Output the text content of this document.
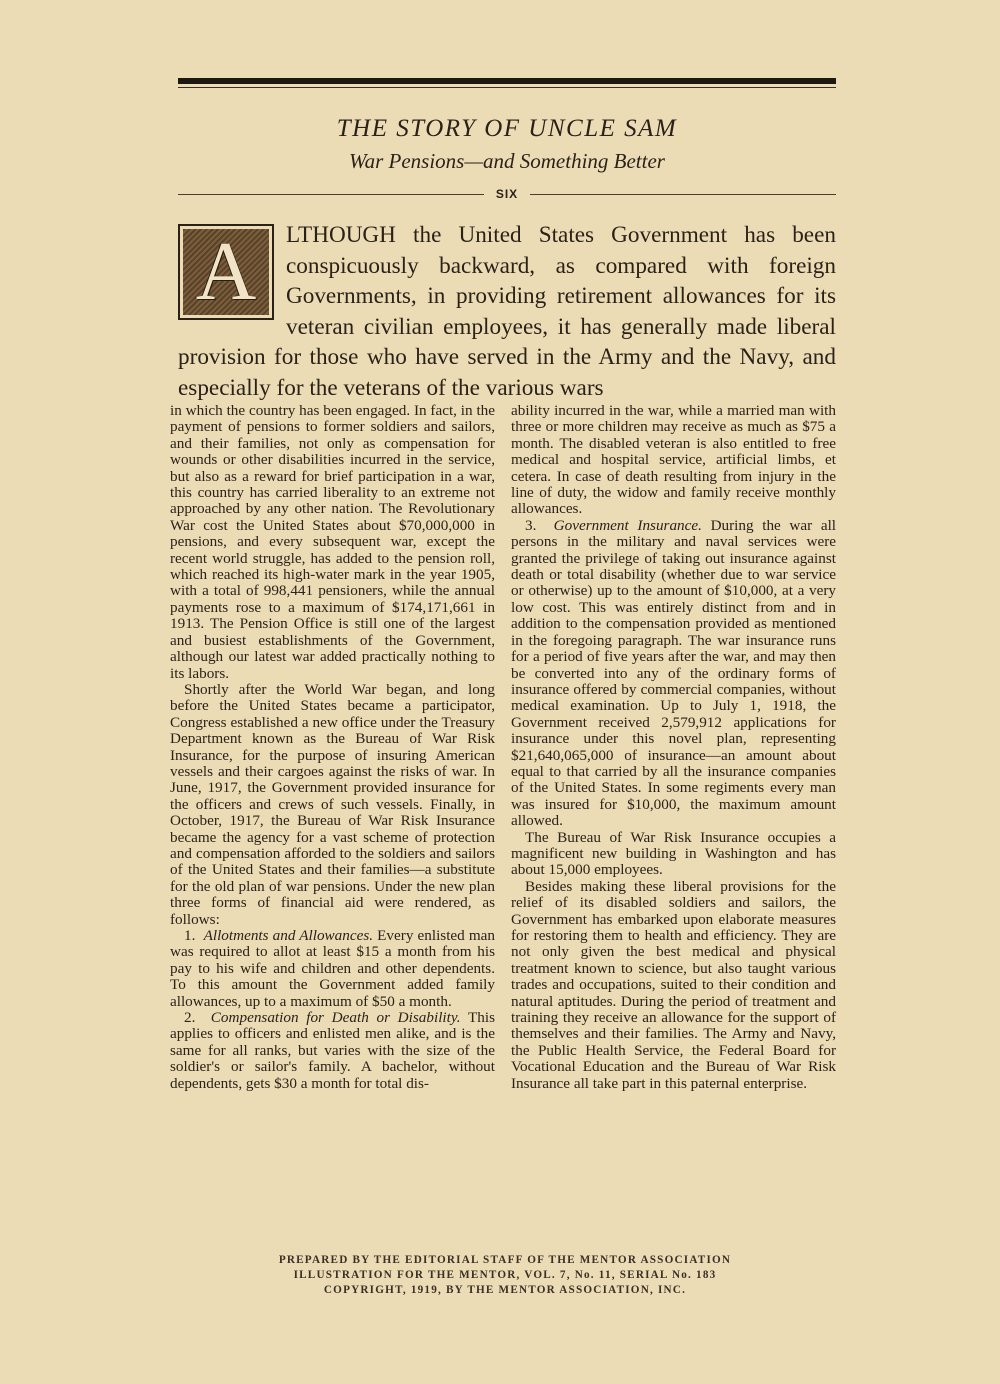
THE STORY OF UNCLE SAM
War Pensions—and Something Better
SIX
A	LTHOUGH the United States Government has been conspicuously backward, as compared with foreign Governments, in providing retirement allowances for its veteran civilian employees, it has generally made liberal provision for those who have served in the Army and the Navy, and especially for the veterans of the various wars

in which the country has been engaged. In fact, in the payment of pensions to former soldiers and sailors, and their families, not only as compensation for wounds or other disabilities incurred in the service, but also as a reward for brief participation in a war, this country has carried liberality to an extreme not approached by any other nation. The Revolutionary War cost the United States about $70,000,000 in pensions, and every subsequent war, except the recent world struggle, has added to the pension roll, which reached its high-water mark in the year 1905, with a total of 998,441 pensioners, while the annual payments rose to a maximum of $174,171,661 in 1913. The Pension Office is still one of the largest and busiest establishments of the Government, although our latest war added practically nothing to its labors.

Shortly after the World War began, and long before the United States became a participator, Congress established a new office under the Treasury Department known as the Bureau of War Risk Insurance, for the purpose of insuring American vessels and their cargoes against the risks of war. In June, 1917, the Government provided insurance for the officers and crews of such vessels. Finally, in October, 1917, the Bureau of War Risk Insurance became the agency for a vast scheme of protection and compensation afforded to the soldiers and sailors of the United States and their families—a substitute for the old plan of war pensions. Under the new plan three forms of financial aid were rendered, as follows:

1. Allotments and Allowances. Every enlisted man was required to allot at least $15 a month from his pay to his wife and children and other dependents. To this amount the Government added family allowances, up to a maximum of $50 a month.

2. Compensation for Death or Disability. This applies to officers and enlisted men alike, and is the same for all ranks, but varies with the size of the soldier's or sailor's family. A bachelor, without dependents, gets $30 a month for total dis-

ability incurred in the war, while a married man with three or more children may receive as much as $75 a month. The disabled veteran is also entitled to free medical and hospital service, artificial limbs, et cetera. In case of death resulting from injury in the line of duty, the widow and family receive monthly allowances.

3. Government Insurance. During the war all persons in the military and naval services were granted the privilege of taking out insurance against death or total disability (whether due to war service or otherwise) up to the amount of $10,000, at a very low cost. This was entirely distinct from and in addition to the compensation provided as mentioned in the foregoing paragraph. The war insurance runs for a period of five years after the war, and may then be converted into any of the ordinary forms of insurance offered by commercial companies, without medical examination. Up to July 1, 1918, the Government received 2,579,912 applications for insurance under this novel plan, representing $21,640,065,000 of insurance—an amount about equal to that carried by all the insurance companies of the United States. In some regiments every man was insured for $10,000, the maximum amount allowed.

The Bureau of War Risk Insurance occupies a magnificent new building in Washington and has about 15,000 employees.

Besides making these liberal provisions for the relief of its disabled soldiers and sailors, the Government has embarked upon elaborate measures for restoring them to health and efficiency. They are not only given the best medical and physical treatment known to science, but also taught various trades and occupations, suited to their condition and natural aptitudes. During the period of treatment and training they receive an allowance for the support of themselves and their families. The Army and Navy, the Public Health Service, the Federal Board for Vocational Education and the Bureau of War Risk Insurance all take part in this paternal enterprise.

PREPARED BY THE EDITORIAL STAFF OF THE MENTOR ASSOCIATION
ILLUSTRATION FOR THE MENTOR, VOL. 7, No. 11, SERIAL No. 183
COPYRIGHT, 1919, BY THE MENTOR ASSOCIATION, INC.
